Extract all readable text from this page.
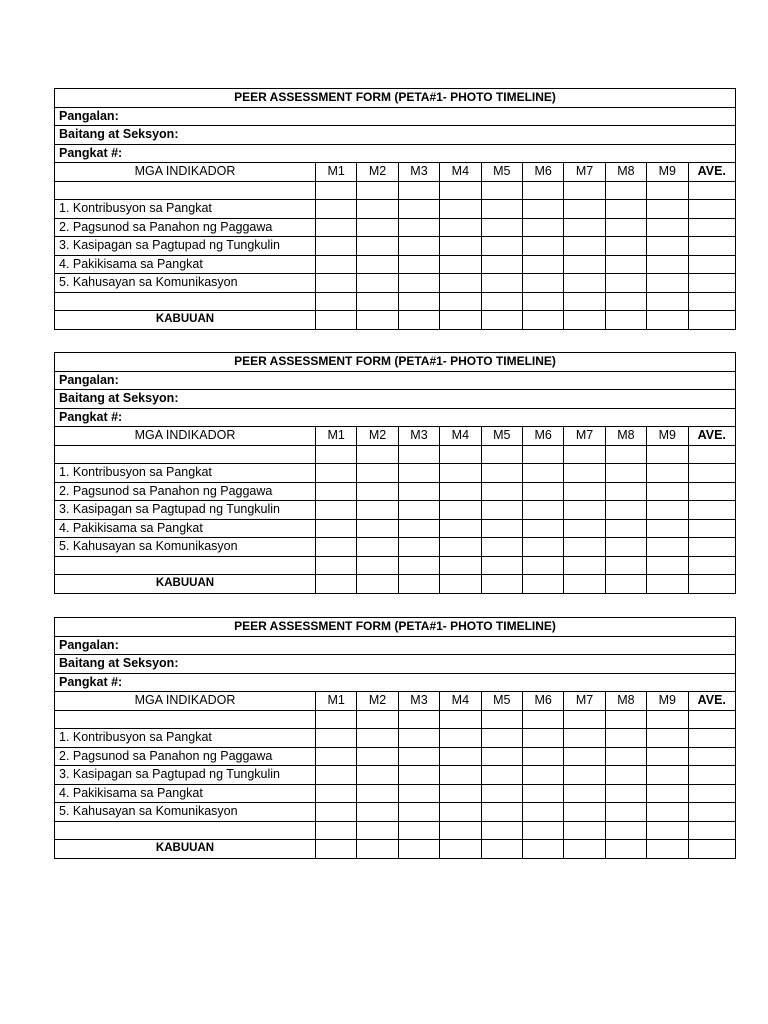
PEER ASSESSMENT FORM (PETA#1- PHOTO TIMELINE)										
Pangalan:										
Baitang at Seksyon:										
Pangkat #:										
MGA INDIKADOR	M1	M2	M3	M4	M5	M6	M7	M8	M9	AVE.

1. Kontribusyon sa Pangkat										
2. Pagsunod sa Panahon ng Paggawa										
3. Kasipagan sa Pagtupad ng Tungkulin										
4. Pakikisama sa Pangkat										
5. Kahusayan sa Komunikasyon										

KABUUAN										
PEER ASSESSMENT FORM (PETA#1- PHOTO TIMELINE)										
Pangalan:										
Baitang at Seksyon:										
Pangkat #:										
MGA INDIKADOR	M1	M2	M3	M4	M5	M6	M7	M8	M9	AVE.

1. Kontribusyon sa Pangkat										
2. Pagsunod sa Panahon ng Paggawa										
3. Kasipagan sa Pagtupad ng Tungkulin										
4. Pakikisama sa Pangkat										
5. Kahusayan sa Komunikasyon										

KABUUAN										
PEER ASSESSMENT FORM (PETA#1- PHOTO TIMELINE)										
Pangalan:										
Baitang at Seksyon:										
Pangkat #:										
MGA INDIKADOR	M1	M2	M3	M4	M5	M6	M7	M8	M9	AVE.

1. Kontribusyon sa Pangkat										
2. Pagsunod sa Panahon ng Paggawa										
3. Kasipagan sa Pagtupad ng Tungkulin										
4. Pakikisama sa Pangkat										
5. Kahusayan sa Komunikasyon										

KABUUAN										
